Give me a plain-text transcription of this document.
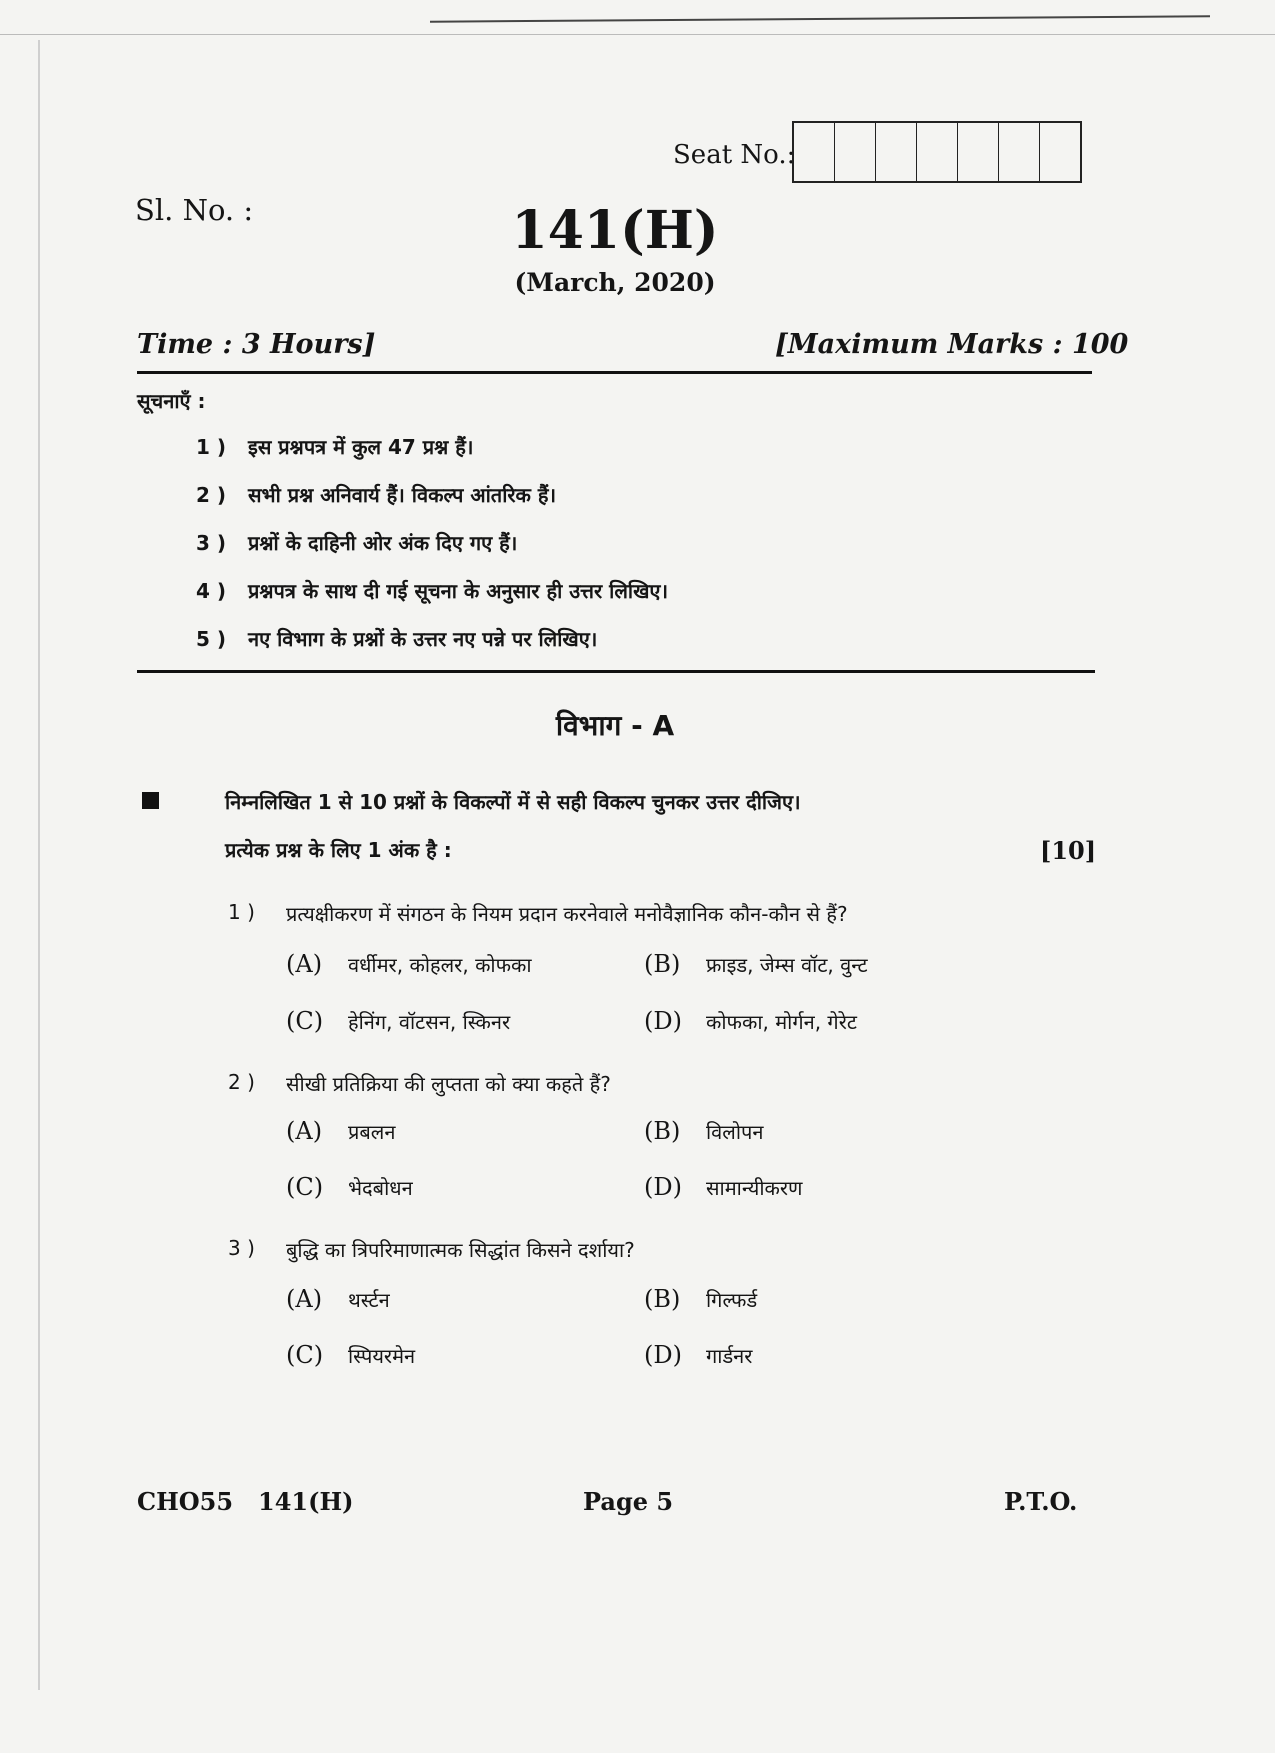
Seat No.:
Sl. No. :	141(H)
(March, 2020)
Time : 3 Hours]	[Maximum Marks : 100
सूचनाएँ :
1 ) इस प्रश्नपत्र में कुल 47 प्रश्न हैं।
2 ) सभी प्रश्न अनिवार्य हैं। विकल्प आंतरिक हैं।
3 ) प्रश्नों के दाहिनी ओर अंक दिए गए हैं।
4 ) प्रश्नपत्र के साथ दी गई सूचना के अनुसार ही उत्तर लिखिए।
5 ) नए विभाग के प्रश्नों के उत्तर नए पन्ने पर लिखिए।
विभाग - A
निम्नलिखित 1 से 10 प्रश्नों के विकल्पों में से सही विकल्प चुनकर उत्तर दीजिए।
प्रत्येक प्रश्न के लिए 1 अंक है :	[10]
1 ) प्रत्यक्षीकरण में संगठन के नियम प्रदान करनेवाले मनोवैज्ञानिक कौन-कौन से हैं?
(A) वर्धीमर, कोहलर, कोफका	(B) फ्राइड, जेम्स वॉट, वुन्ट
(C) हेनिंग, वॉटसन, स्किनर	(D) कोफका, मोर्गन, गेरेट
2 ) सीखी प्रतिक्रिया की लुप्तता को क्या कहते हैं?
(A) प्रबलन	(B) विलोपन
(C) भेदबोधन	(D) सामान्यीकरण
3 ) बुद्धि का त्रिपरिमाणात्मक सिद्धांत किसने दर्शाया?
(A) थर्स्टन	(B) गिल्फर्ड
(C) स्पियरमेन	(D) गार्डनर
CHO55 141(H)	Page 5	P.T.O.
